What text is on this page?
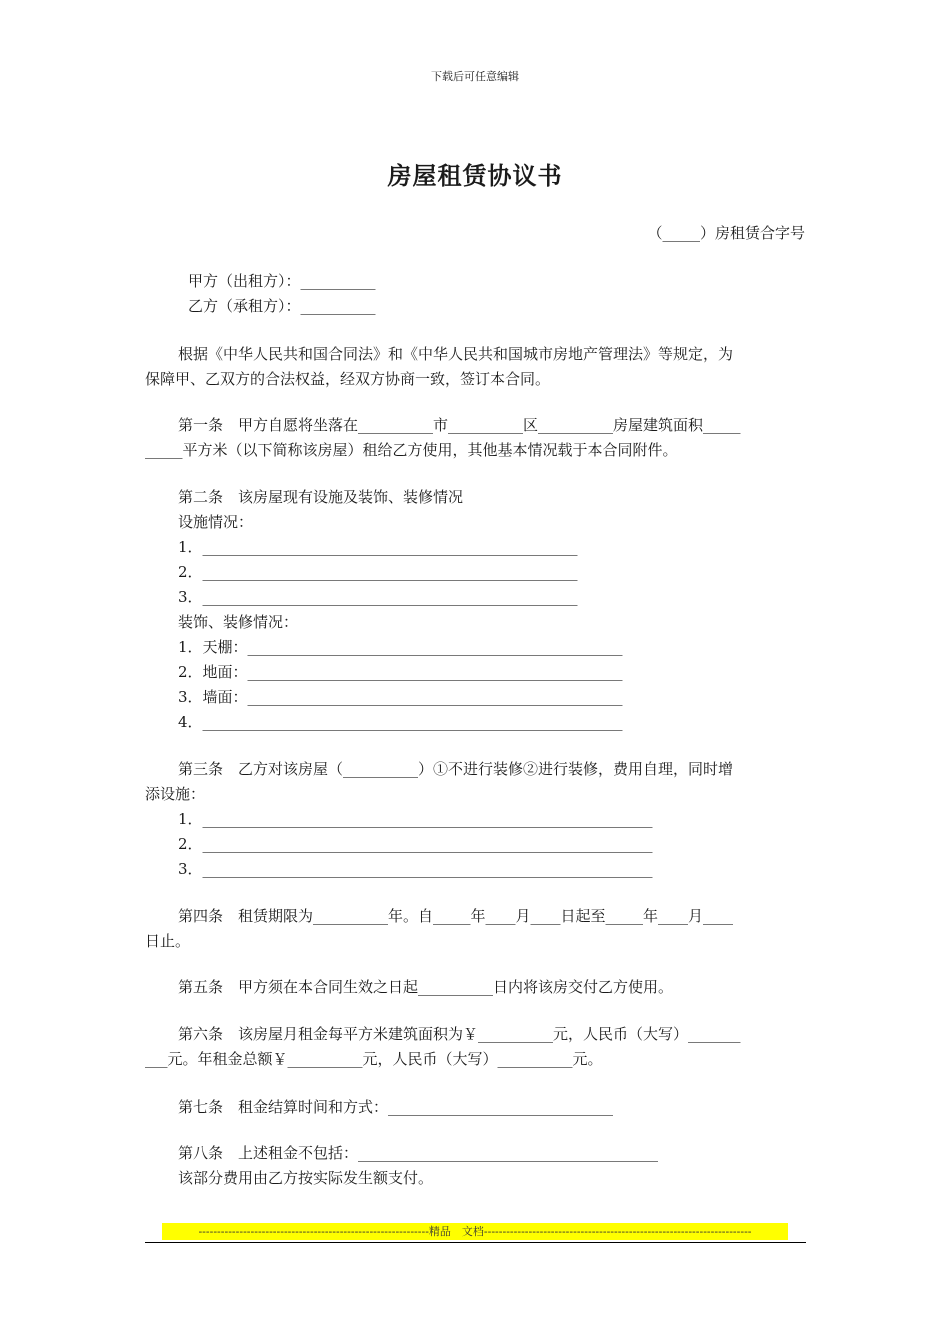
下载后可任意编辑
房屋租赁协议书
（_____）房租赁合字号
甲方（出租方）：__________
乙方（承租方）：__________
根据《中华人民共和国合同法》和《中华人民共和国城市房地产管理法》等规定，为
保障甲、乙双方的合法权益，经双方协商一致，签订本合同。
第一条　甲方自愿将坐落在__________市__________区__________房屋建筑面积_____
_____平方米（以下简称该房屋）租给乙方使用，其他基本情况载于本合同附件。
第二条　该房屋现有设施及装饰、装修情况
设施情况：
1．__________________________________________________
2．__________________________________________________
3．__________________________________________________
装饰、装修情况：
1．天棚：__________________________________________________
2．地面：__________________________________________________
3．墙面：__________________________________________________
4．________________________________________________________
第三条　乙方对该房屋（__________）①不进行装修②进行装修，费用自理，同时增
添设施：
1．____________________________________________________________
2．____________________________________________________________
3．____________________________________________________________
第四条　租赁期限为__________年。自_____年____月____日起至_____年____月____
日止。
第五条　甲方须在本合同生效之日起__________日内将该房交付乙方使用。
第六条　该房屋月租金每平方米建筑面积为￥__________元，人民币（大写）_______
___元。年租金总额￥__________元，人民币（大写）__________元。
第七条　租金结算时间和方式：______________________________
第八条　上述租金不包括：________________________________________
该部分费用由乙方按实际发生额支付。
--------------------------------------------------------------精品　文档------------------------------------------------------------------------
